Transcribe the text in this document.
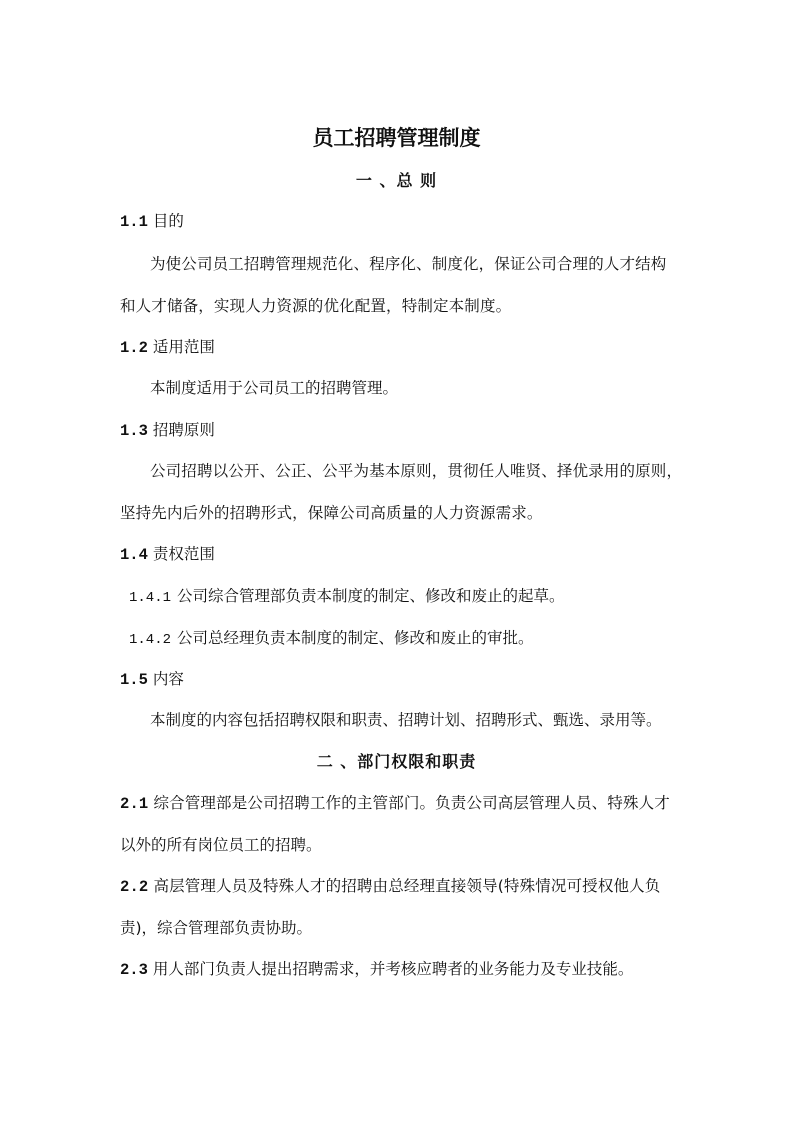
员工招聘管理制度
一 、总 则
1.1 目的
为使公司员工招聘管理规范化、程序化、制度化，保证公司合理的人才结构
和人才储备，实现人力资源的优化配置，特制定本制度。
1.2 适用范围
本制度适用于公司员工的招聘管理。
1.3 招聘原则
公司招聘以公开、公正、公平为基本原则，贯彻任人唯贤、择优录用的原则，
坚持先内后外的招聘形式，保障公司高质量的人力资源需求。
1.4 责权范围
1.4.1 公司综合管理部负责本制度的制定、修改和废止的起草。
1.4.2 公司总经理负责本制度的制定、修改和废止的审批。
1.5 内容
本制度的内容包括招聘权限和职责、招聘计划、招聘形式、甄选、录用等。
二 、部门权限和职责
2.1 综合管理部是公司招聘工作的主管部门。负责公司高层管理人员、特殊人才
以外的所有岗位员工的招聘。
2.2 高层管理人员及特殊人才的招聘由总经理直接领导(特殊情况可授权他人负
责)，综合管理部负责协助。
2.3 用人部门负责人提出招聘需求，并考核应聘者的业务能力及专业技能。
